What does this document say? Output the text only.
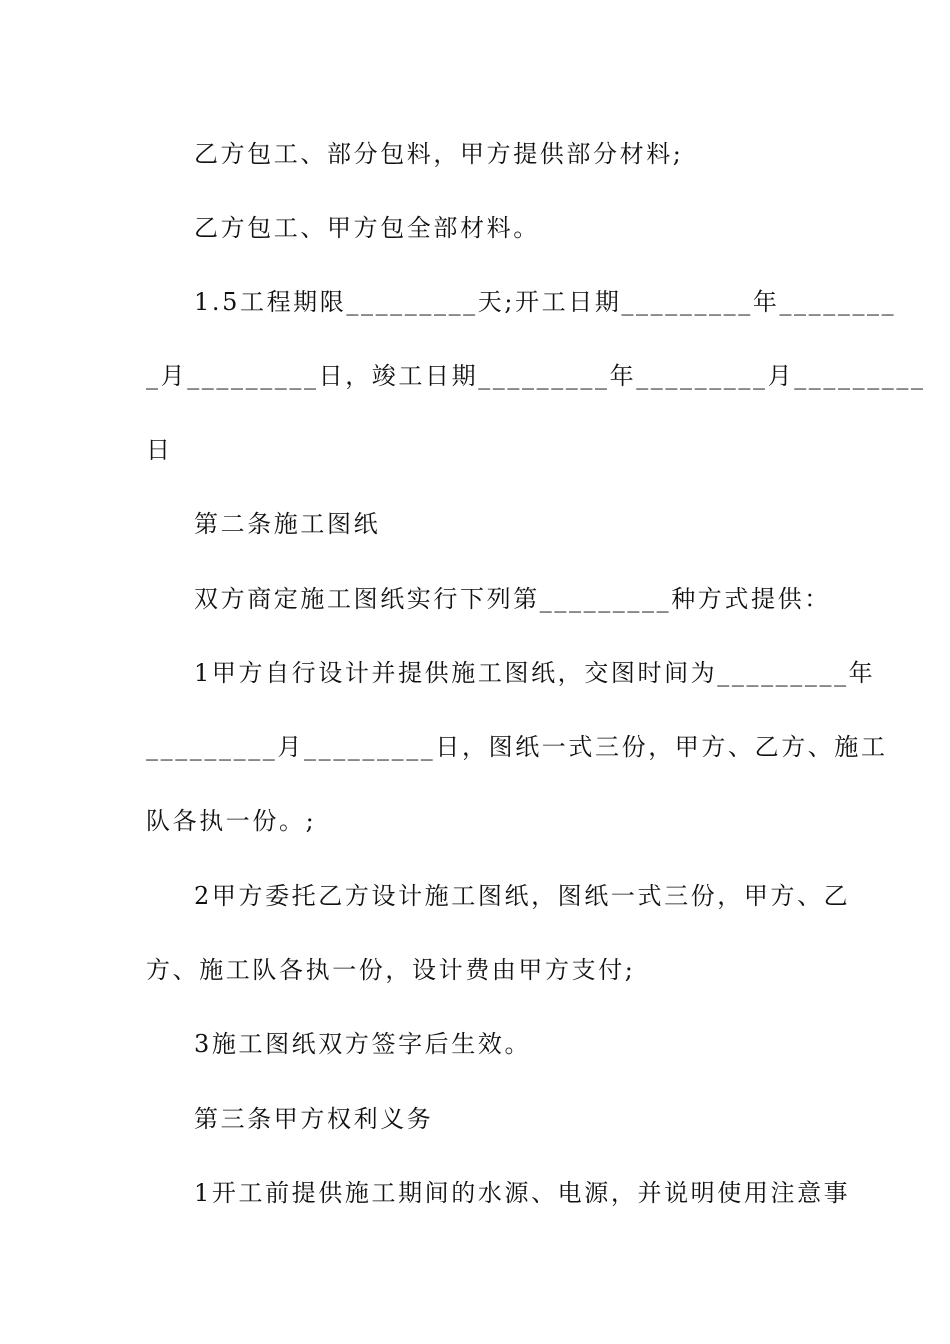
乙方包工、部分包料，甲方提供部分材料;

乙方包工、甲方包全部材料。

1.5工程期限_________天;开工日期_________年________

_月_________日，竣工日期_________年_________月_________

日

第二条施工图纸

双方商定施工图纸实行下列第_________种方式提供：

1甲方自行设计并提供施工图纸，交图时间为_________年

_________月_________日，图纸一式三份，甲方、乙方、施工

队各执一份。;

2甲方委托乙方设计施工图纸，图纸一式三份，甲方、乙

方、施工队各执一份，设计费由甲方支付;

3施工图纸双方签字后生效。

第三条甲方权利义务

1开工前提供施工期间的水源、电源，并说明使用注意事
